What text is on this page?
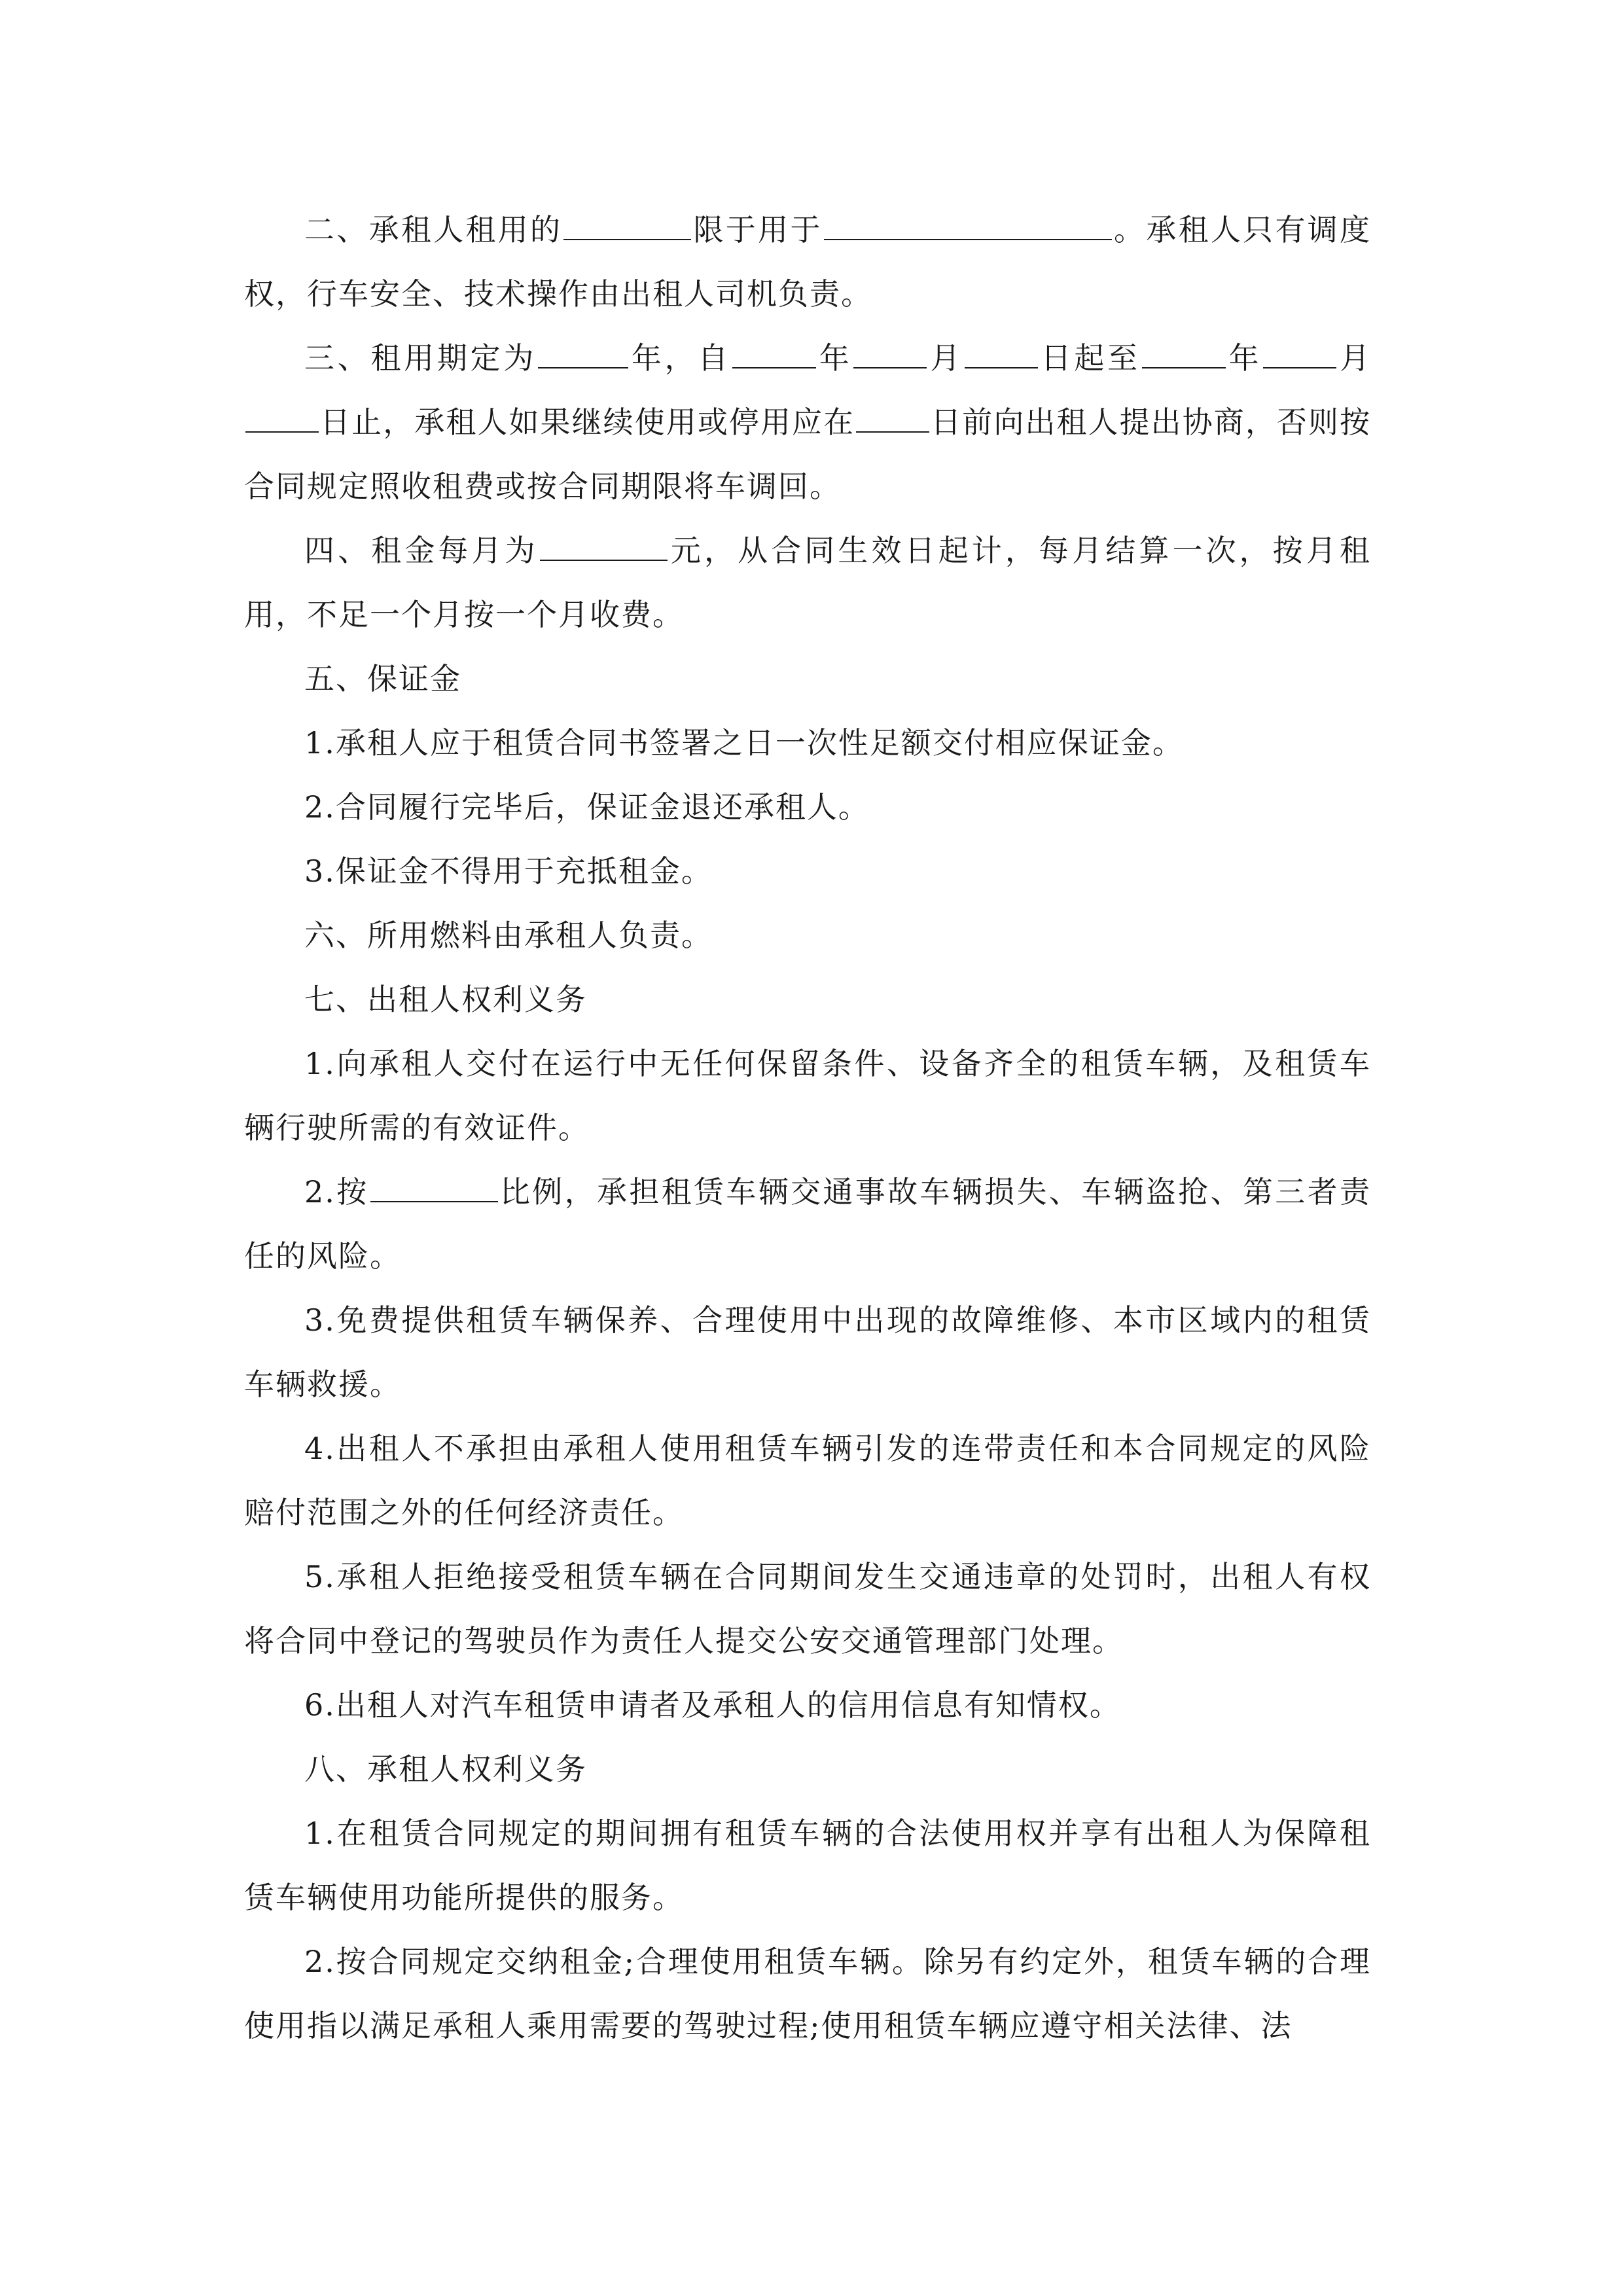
二、承租人租用的	限于用于	。承租人只有调度权，行车安全、技术操作由出租人司机负责。

三、租用期定为	年，自	年	月	日起至	年	月日止，承租人如果继续使用或停用应在	日前向出租人提出协商，否则按合同规定照收租费或按合同期限将车调回。

四、租金每月为	元，从合同生效日起计，每月结算一次，按月租用，不足一个月按一个月收费。

五、保证金

1.承租人应于租赁合同书签署之日一次性足额交付相应保证金。

2.合同履行完毕后，保证金退还承租人。

3.保证金不得用于充抵租金。

六、所用燃料由承租人负责。

七、出租人权利义务

1.向承租人交付在运行中无任何保留条件、设备齐全的租赁车辆，及租赁车辆行驶所需的有效证件。

2.按	比例，承担租赁车辆交通事故车辆损失、车辆盗抢、第三者责任的风险。

3.免费提供租赁车辆保养、合理使用中出现的故障维修、本市区域内的租赁车辆救援。

4.出租人不承担由承租人使用租赁车辆引发的连带责任和本合同规定的风险赔付范围之外的任何经济责任。

5.承租人拒绝接受租赁车辆在合同期间发生交通违章的处罚时，出租人有权将合同中登记的驾驶员作为责任人提交公安交通管理部门处理。

6.出租人对汽车租赁申请者及承租人的信用信息有知情权。

八、承租人权利义务

1.在租赁合同规定的期间拥有租赁车辆的合法使用权并享有出租人为保障租赁车辆使用功能所提供的服务。

2.按合同规定交纳租金;合理使用租赁车辆。除另有约定外，租赁车辆的合理使用指以满足承租人乘用需要的驾驶过程;使用租赁车辆应遵守相关法律、法
